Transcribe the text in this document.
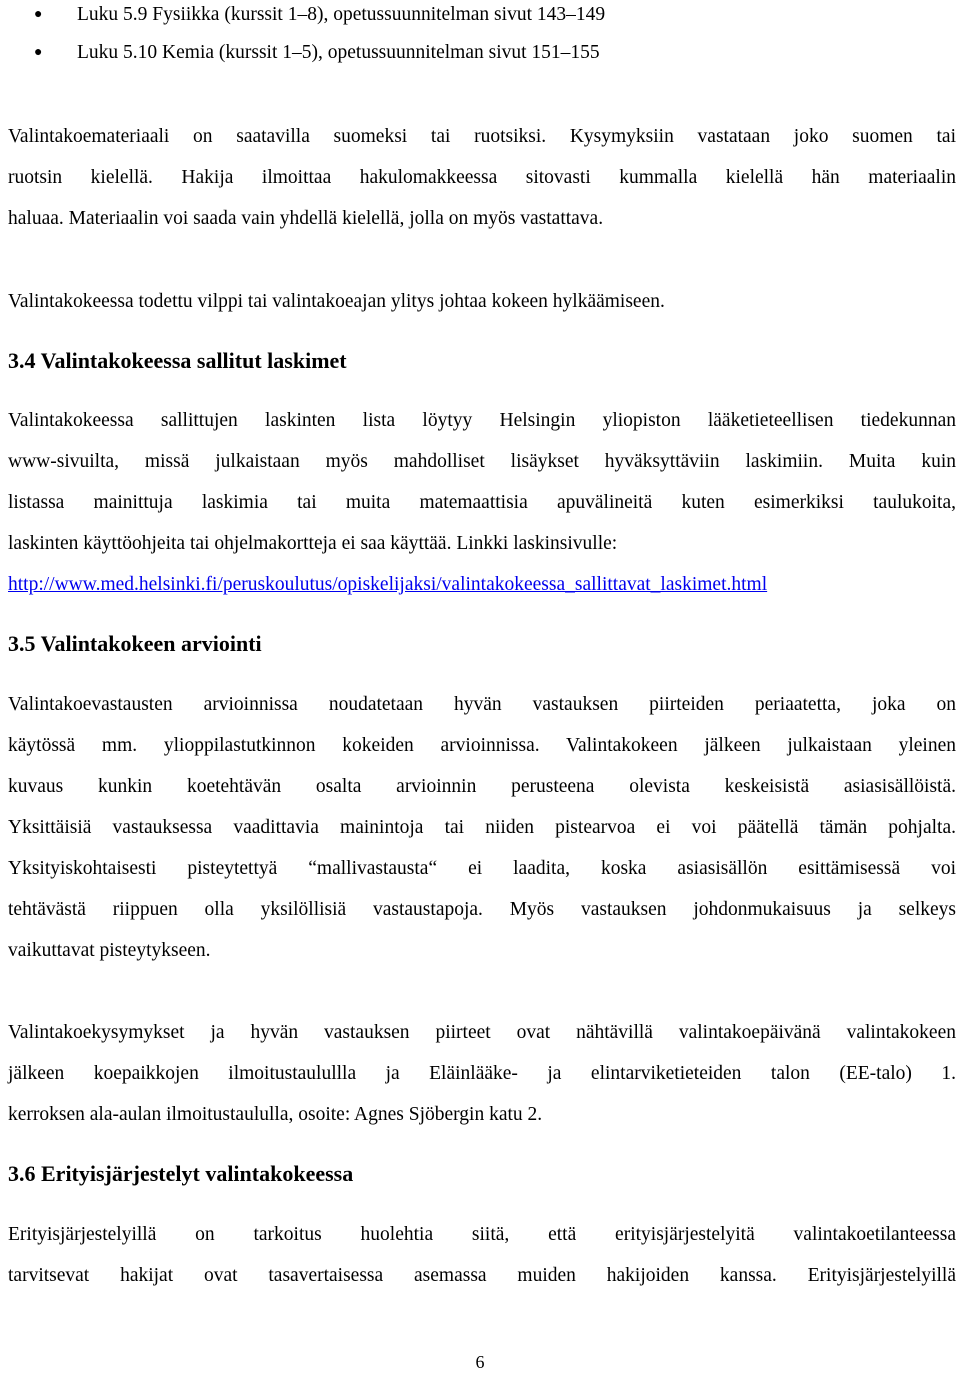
● Luku 5.9 Fysiikka (kurssit 1–8), opetussuunnitelman sivut 143–149
● Luku 5.10 Kemia (kurssit 1–5), opetussuunnitelman sivut 151–155
Valintakoemateriaali on saatavilla suomeksi tai ruotsiksi. Kysymyksiin vastataan joko suomen tai
ruotsin kielellä. Hakija ilmoittaa hakulomakkeessa sitovasti kummalla kielellä hän materiaalin
haluaa. Materiaalin voi saada vain yhdellä kielellä, jolla on myös vastattava.
Valintakokeessa todettu vilppi tai valintakoeajan ylitys johtaa kokeen hylkäämiseen.
3.4 Valintakokeessa sallitut laskimet
Valintakokeessa sallittujen laskinten lista löytyy Helsingin yliopiston lääketieteellisen tiedekunnan
www-sivuilta, missä julkaistaan myös mahdolliset lisäykset hyväksyttäviin laskimiin. Muita kuin
listassa mainittuja laskimia tai muita matemaattisia apuvälineitä kuten esimerkiksi taulukoita,
laskinten käyttöohjeita tai ohjelmakortteja ei saa käyttää. Linkki laskinsivulle:
http://www.med.helsinki.fi/peruskoulutus/opiskelijaksi/valintakokeessa_sallittavat_laskimet.html
3.5 Valintakokeen arviointi
Valintakoevastausten arvioinnissa noudatetaan hyvän vastauksen piirteiden periaatetta, joka on
käytössä mm. ylioppilastutkinnon kokeiden arvioinnissa. Valintakokeen jälkeen julkaistaan yleinen
kuvaus kunkin koetehtävän osalta arvioinnin perusteena olevista keskeisistä asiasisällöistä.
Yksittäisiä vastauksessa vaadittavia mainintoja tai niiden pistearvoa ei voi päätellä tämän pohjalta.
Yksityiskohtaisesti pisteytettyä “mallivastausta“ ei laadita, koska asiasisällön esittämisessä voi
tehtävästä riippuen olla yksilöllisiä vastaustapoja. Myös vastauksen johdonmukaisuus ja selkeys
vaikuttavat pisteytykseen.
Valintakoekysymykset ja hyvän vastauksen piirteet ovat nähtävillä valintakoepäivänä valintakokeen
jälkeen koepaikkojen ilmoitustaulullla ja Eläinlääke- ja elintarviketieteiden talon (EE-talo) 1.
kerroksen ala-aulan ilmoitustaululla, osoite: Agnes Sjöbergin katu 2.
3.6 Erityisjärjestelyt valintakokeessa
Erityisjärjestelyillä on tarkoitus huolehtia siitä, että erityisjärjestelyitä valintakoetilanteessa
tarvitsevat hakijat ovat tasavertaisessa asemassa muiden hakijoiden kanssa. Erityisjärjestelyillä
6
